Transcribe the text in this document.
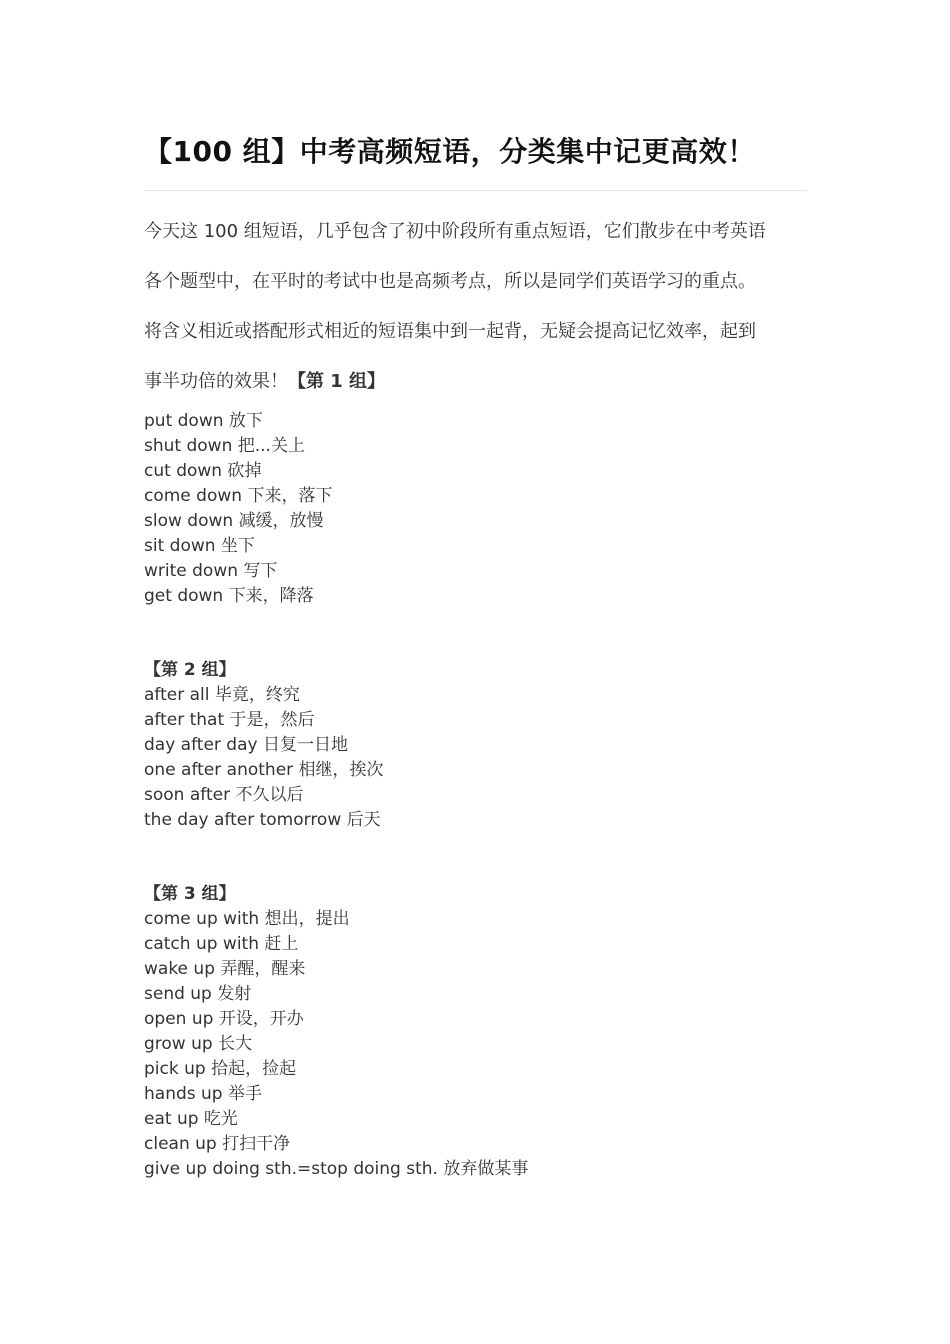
【100 组】中考高频短语，分类集中记更高效！
今天这 100 组短语，几乎包含了初中阶段所有重点短语，它们散步在中考英语
各个题型中，在平时的考试中也是高频考点，所以是同学们英语学习的重点。
将含义相近或搭配形式相近的短语集中到一起背，无疑会提高记忆效率，起到
事半功倍的效果！【第 1 组】
put down 放下
shut down 把...关上
cut down 砍掉
come down 下来，落下
slow down 减缓，放慢
sit down 坐下
write down 写下
get down 下来，降落
【第 2 组】
after all 毕竟，终究
after that 于是，然后
day after day 日复一日地
one after another 相继，挨次
soon after 不久以后
the day after tomorrow 后天
【第 3 组】
come up with 想出，提出
catch up with 赶上
wake up 弄醒，醒来
send up 发射
open up 开设，开办
grow up 长大
pick up 拾起，捡起
hands up 举手
eat up 吃光
clean up 打扫干净
give up doing sth.=stop doing sth. 放弃做某事
